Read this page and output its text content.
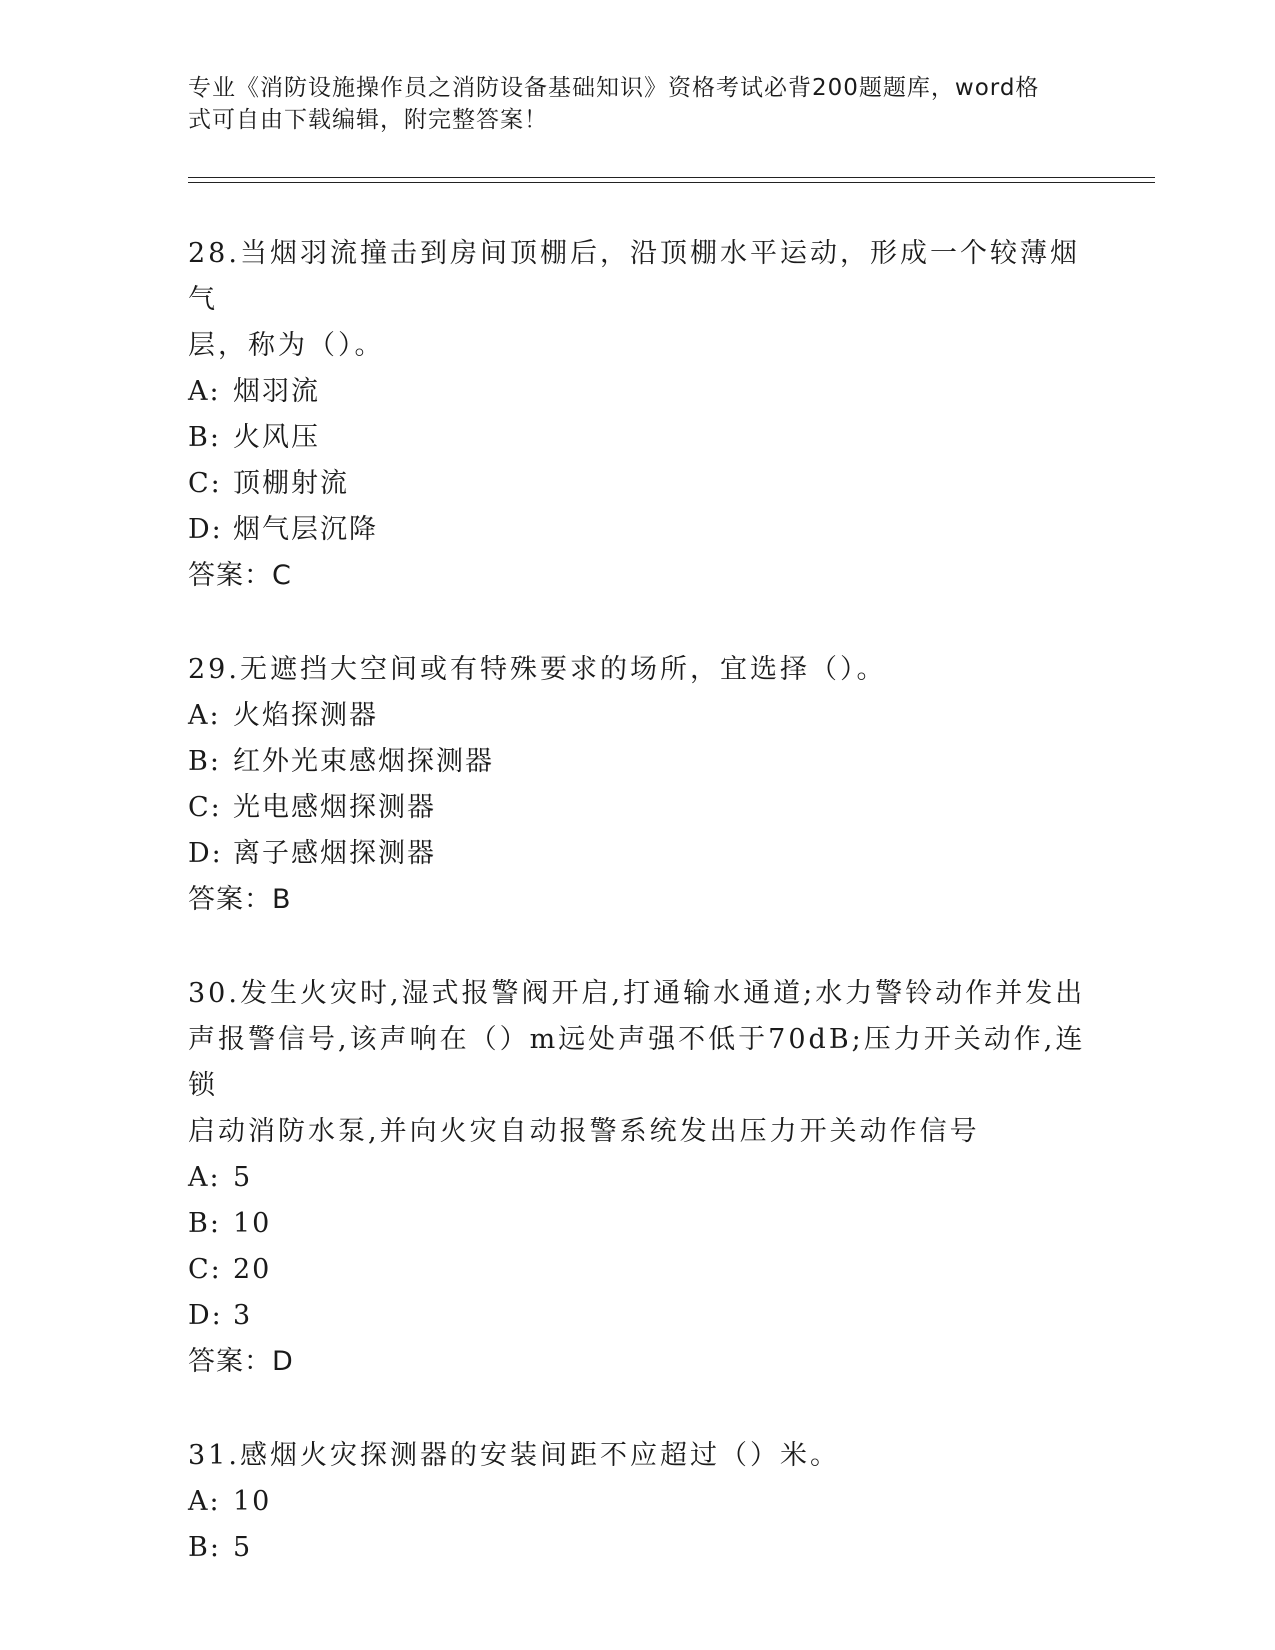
专业《消防设施操作员之消防设备基础知识》资格考试必背200题题库，word格
式可自由下载编辑，附完整答案！

28.当烟羽流撞击到房间顶棚后，沿顶棚水平运动，形成一个较薄烟气

层，称为（）。

A: 烟羽流

B: 火风压

C: 顶棚射流

D: 烟气层沉降

答案：C

29.无遮挡大空间或有特殊要求的场所，宜选择（）。

A: 火焰探测器

B: 红外光束感烟探测器

C: 光电感烟探测器

D: 离子感烟探测器

答案：B

30.发生火灾时,湿式报警阀开启,打通输水通道;水力警铃动作并发出

声报警信号,该声响在（）m远处声强不低于70dB;压力开关动作,连锁

启动消防水泵,并向火灾自动报警系统发出压力开关动作信号

A: 5

B: 10

C: 20

D: 3

答案：D

31.感烟火灾探测器的安装间距不应超过（）米。

A: 10

B: 5
